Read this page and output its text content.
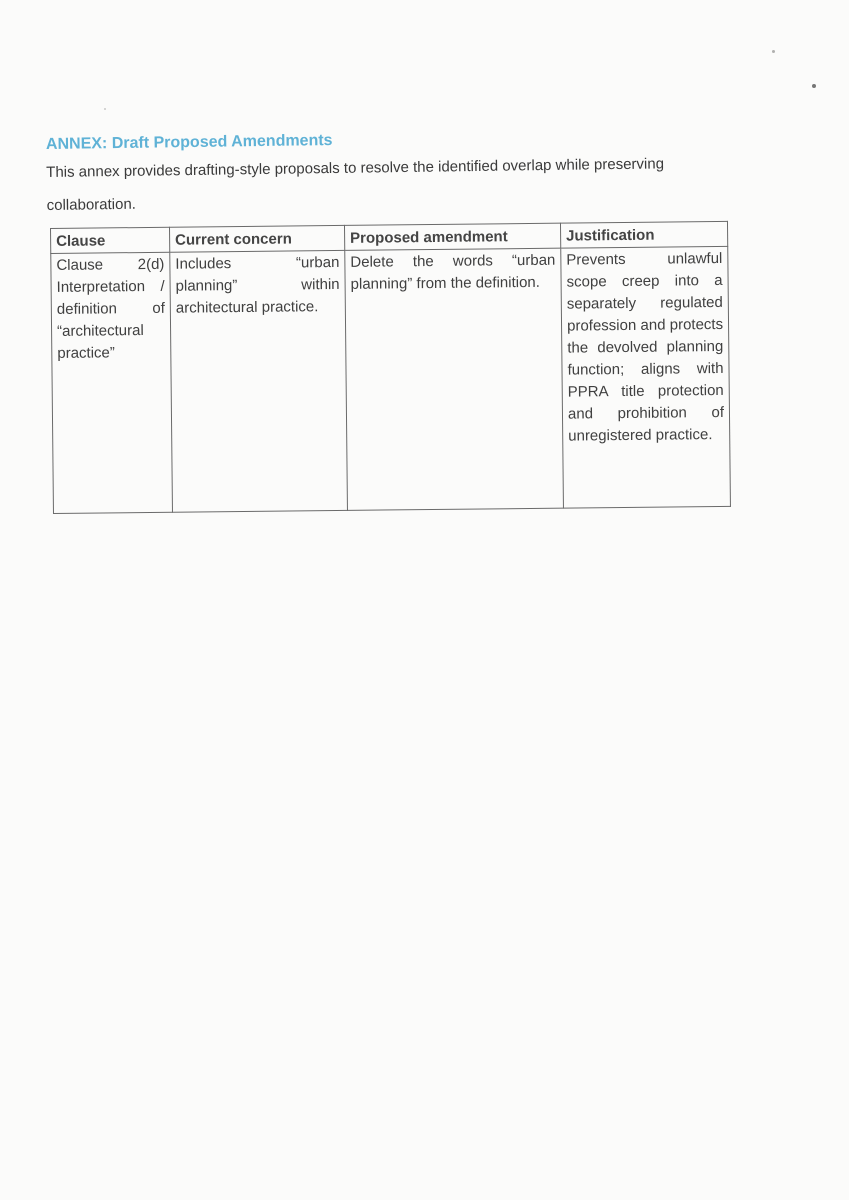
ANNEX: Draft Proposed Amendments

This annex provides drafting-style proposals to resolve the identified overlap while preserving collaboration.

Clause	Current concern	Proposed amendment	Justification
Clause 2(d) Interpretation / definition of “architectural practice”	Includes “urban planning” within architectural practice.	Delete the words “urban planning” from the definition.	Prevents unlawful scope creep into a separately regulated profession and protects the devolved planning function; aligns with PPRA title protection and prohibition of unregistered practice.
